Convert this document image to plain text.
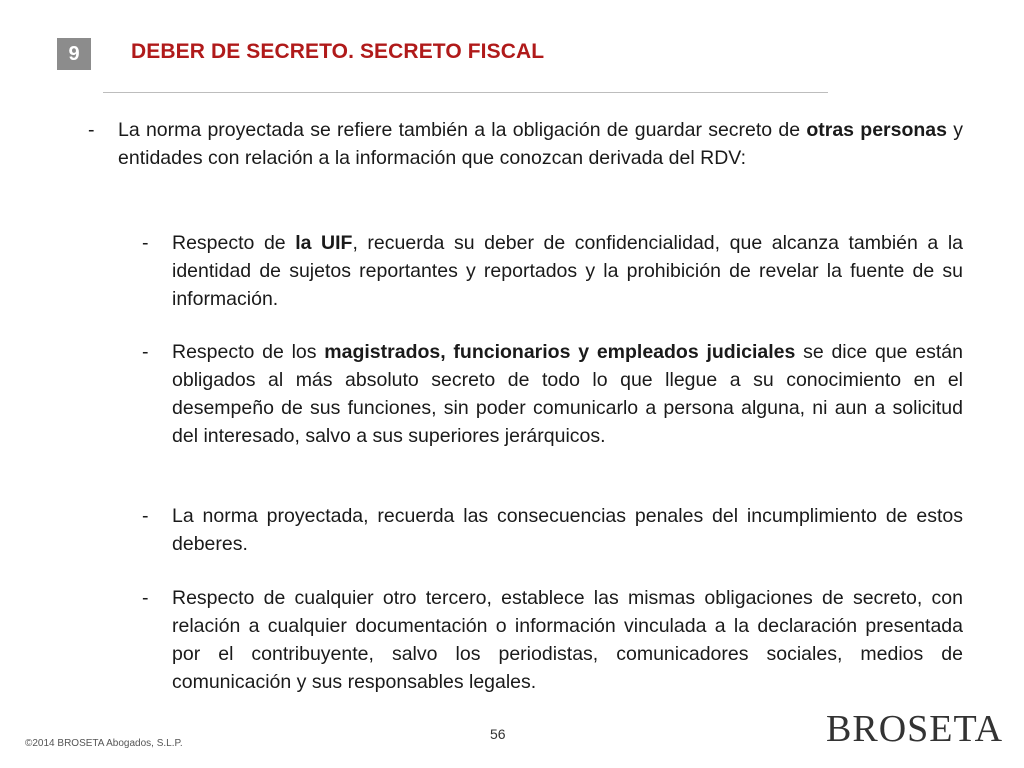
9 DEBER DE SECRETO. SECRETO FISCAL
- La norma proyectada se refiere también a la obligación de guardar secreto de otras personas y entidades con relación a la información que conozcan derivada del RDV:

- Respecto de la UIF, recuerda su deber de confidencialidad, que alcanza también a la identidad de sujetos reportantes y reportados y la prohibición de revelar la fuente de su información.

- Respecto de los magistrados, funcionarios y empleados judiciales se dice que están obligados al más absoluto secreto de todo lo que llegue a su conocimiento en el desempeño de sus funciones, sin poder comunicarlo a persona alguna, ni aun a solicitud del interesado, salvo a sus superiores jerárquicos.

- La norma proyectada, recuerda las consecuencias penales del incumplimiento de estos deberes.

- Respecto de cualquier otro tercero, establece las mismas obligaciones de secreto, con relación a cualquier documentación o información vinculada a la declaración presentada por el contribuyente, salvo los periodistas, comunicadores sociales, medios de comunicación y sus responsables legales.

56
©2014 BROSETA Abogados, S.L.P.	BROSETA
